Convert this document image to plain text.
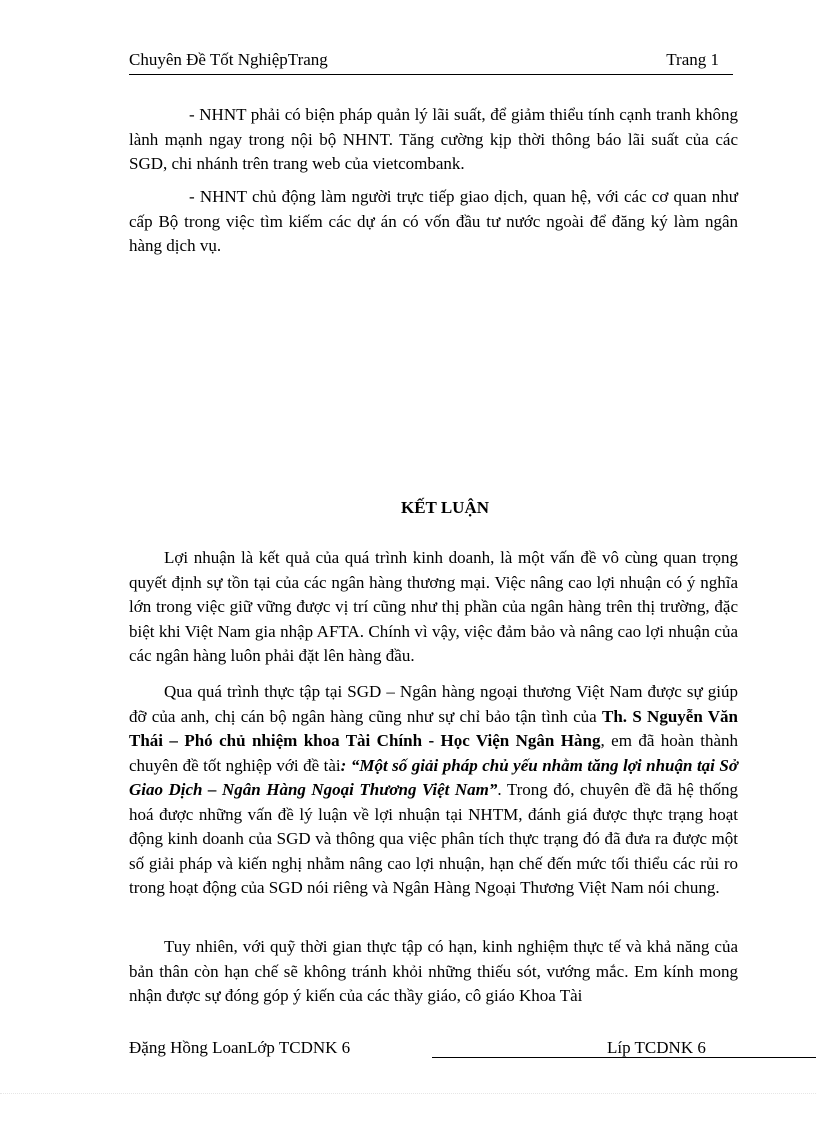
Chuyên Đề Tốt NghiệpTrang	Trang 1

- NHNT phải có biện pháp quản lý lãi suất, để giảm thiểu tính cạnh tranh không lành mạnh ngay trong nội bộ NHNT. Tăng cường kịp thời thông báo lãi suất của các SGD, chi nhánh trên trang web của vietcombank.

- NHNT chủ động làm người trực tiếp giao dịch, quan hệ, với các cơ quan như cấp Bộ trong việc tìm kiếm các dự án có vốn đầu tư nước ngoài để đăng ký làm ngân hàng dịch vụ.

KẾT LUẬN

Lợi nhuận là kết quả của quá trình kinh doanh, là một vấn đề vô cùng quan trọng quyết định sự tồn tại của các ngân hàng thương mại. Việc nâng cao lợi nhuận có ý nghĩa lớn trong việc giữ vững được vị trí cũng như thị phần của ngân hàng trên thị trường, đặc biệt khi Việt Nam gia nhập AFTA. Chính vì vậy, việc đảm bảo và nâng cao lợi nhuận của các ngân hàng luôn phải đặt lên hàng đầu.

Qua quá trình thực tập tại SGD – Ngân hàng ngoại thương Việt Nam được sự giúp đỡ của anh, chị cán bộ ngân hàng cũng như sự chỉ bảo tận tình của Th. S Nguyễn Văn Thái – Phó chủ nhiệm khoa Tài Chính - Học Viện Ngân Hàng, em đã hoàn thành chuyên đề tốt nghiệp với đề tài: “Một số giải pháp chủ yếu nhằm tăng lợi nhuận tại Sở Giao Dịch – Ngân Hàng Ngoại Thương Việt Nam”. Trong đó, chuyên đề đã hệ thống hoá được những vấn đề lý luận về lợi nhuận tại NHTM, đánh giá được thực trạng hoạt động kinh doanh của SGD và thông qua việc phân tích thực trạng đó đã đưa ra được một số giải pháp và kiến nghị nhằm nâng cao lợi nhuận, hạn chế đến mức tối thiểu các rủi ro trong hoạt động của SGD nói riêng và Ngân Hàng Ngoại Thương Việt Nam nói chung.

Tuy nhiên, với quỹ thời gian thực tập có hạn, kinh nghiệm thực tế và khả năng của bản thân còn hạn chế sẽ không tránh khỏi những thiếu sót, vướng mắc. Em kính mong nhận được sự đóng góp ý kiến của các thầy giáo, cô giáo Khoa Tài

Đặng Hồng LoanLớp TCDNK 6	Líp TCDNK 6
